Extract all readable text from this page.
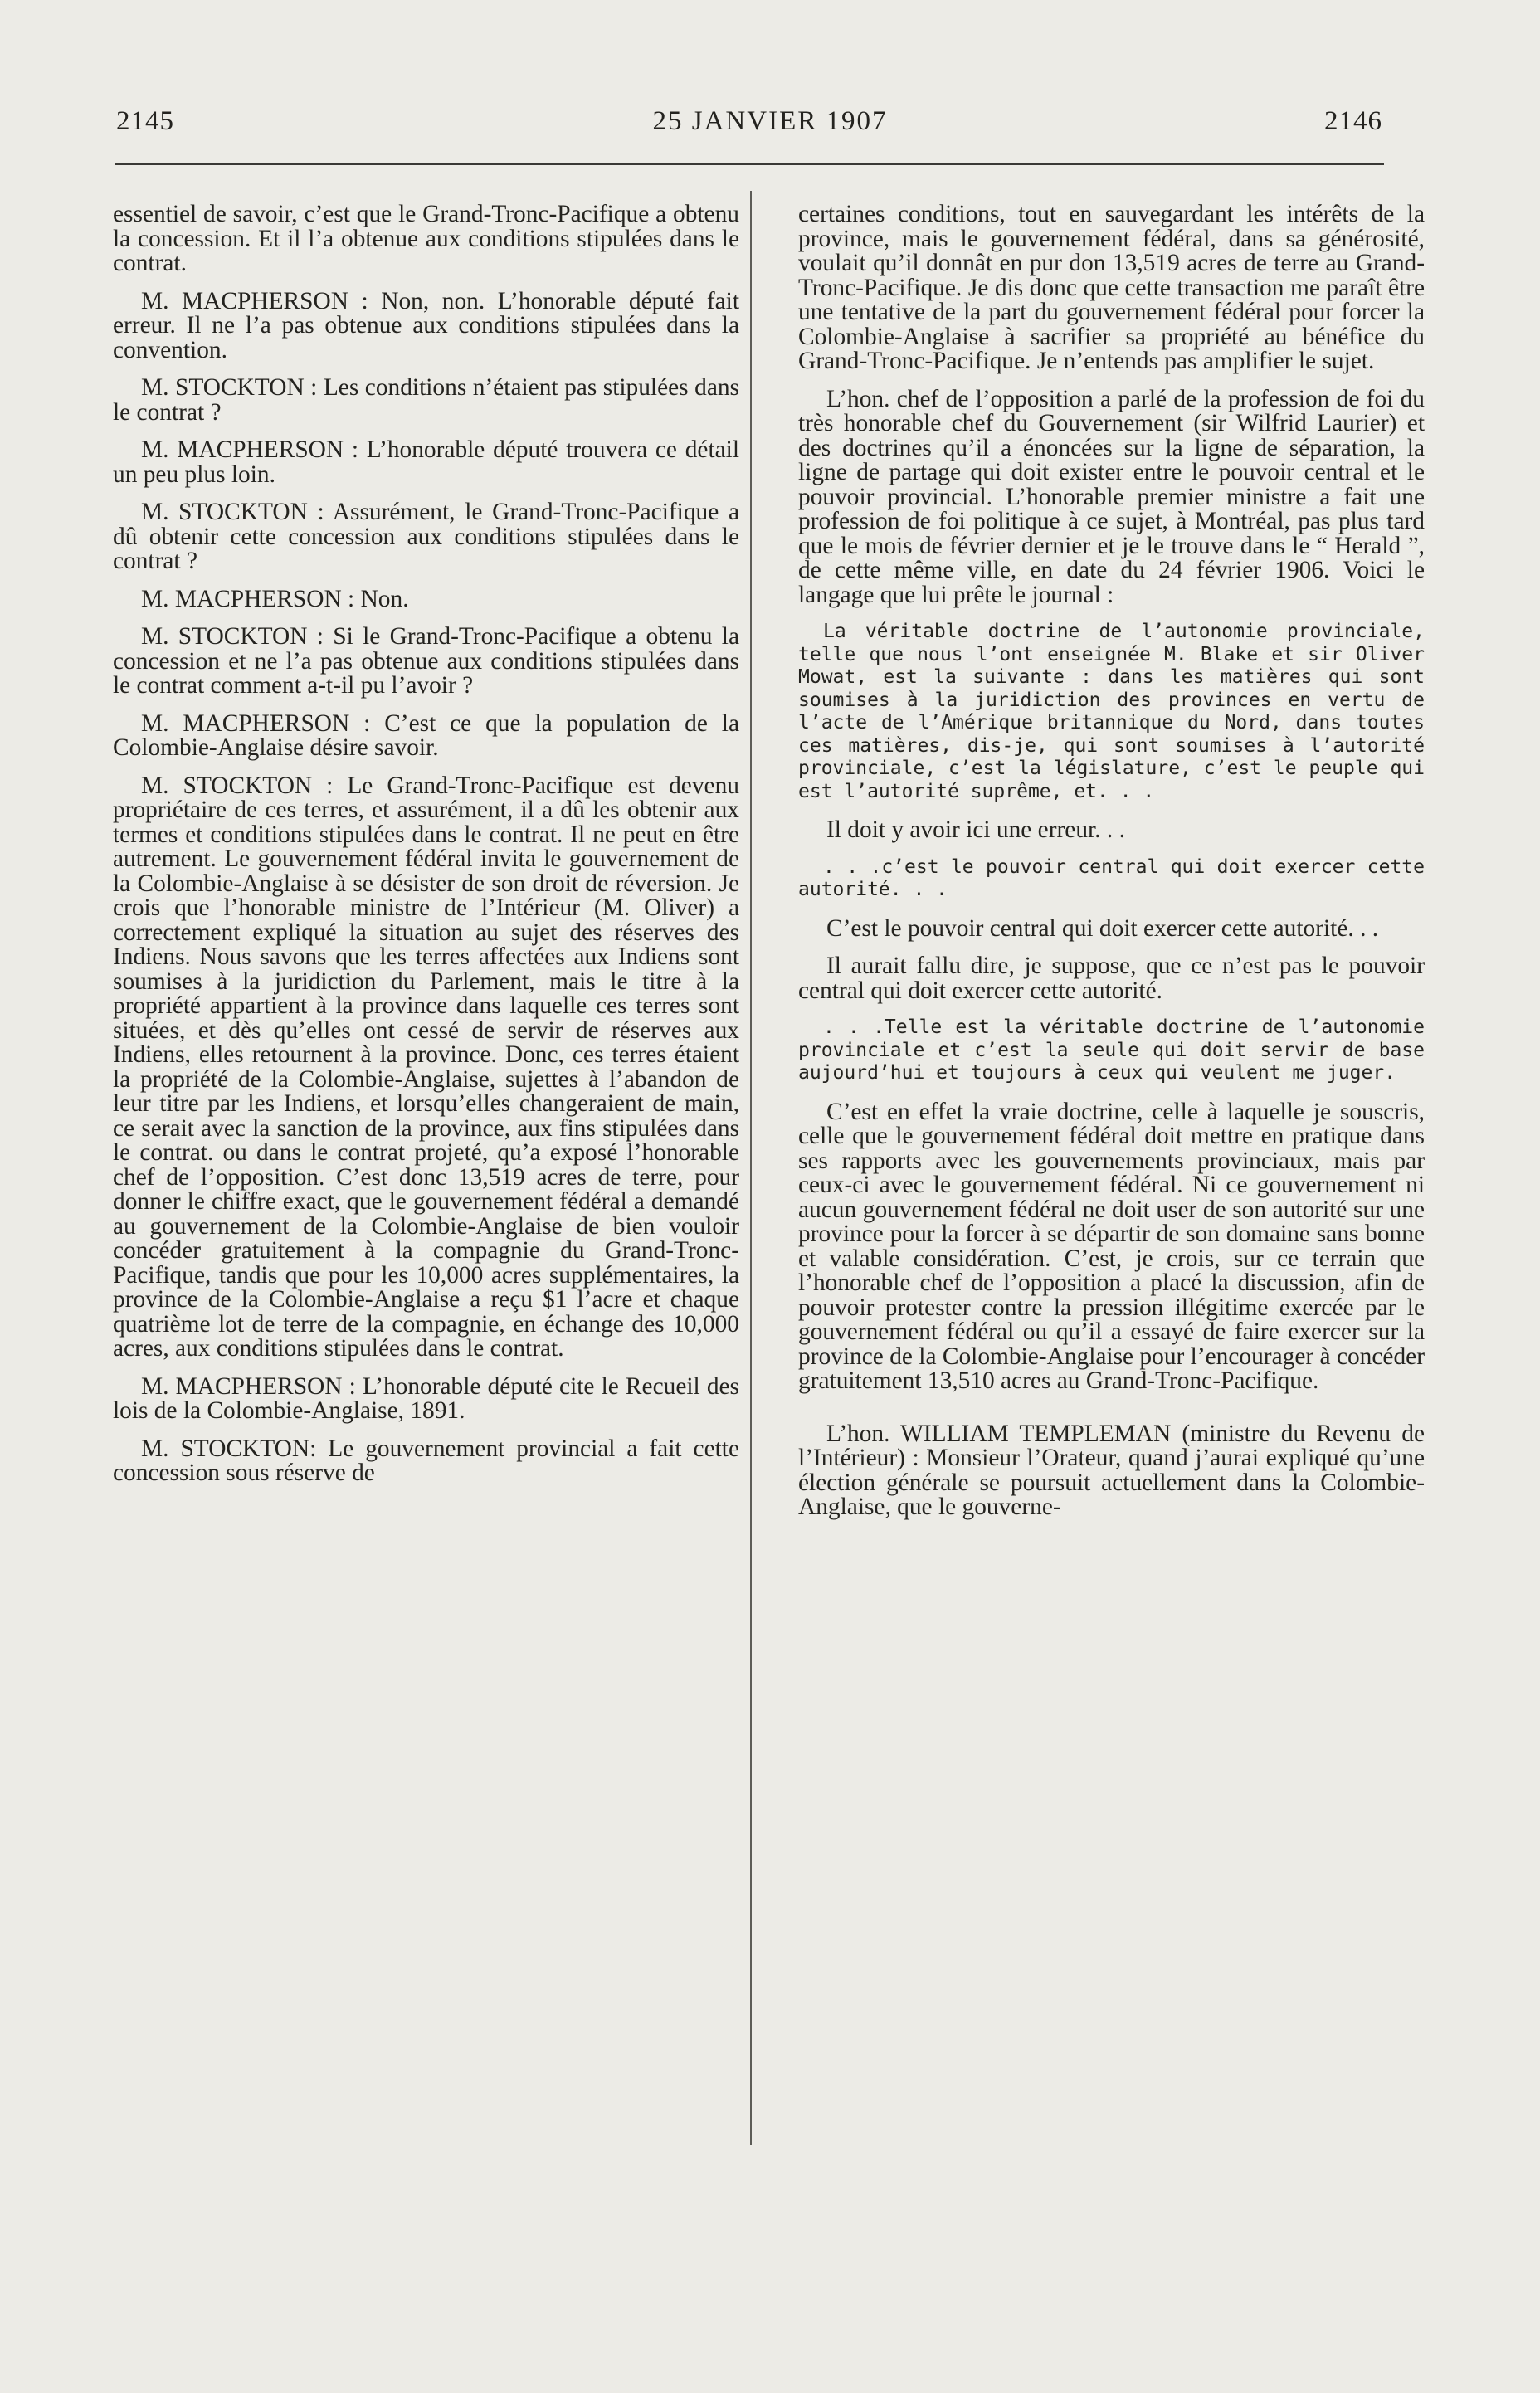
2145	25 JANVIER 1907	2146

essentiel de savoir, c’est que le Grand-Tronc-Pacifique a obtenu la concession. Et il l’a obtenue aux conditions stipulées dans le contrat.

M. MACPHERSON : Non, non. L’honorable député fait erreur. Il ne l’a pas obtenue aux conditions stipulées dans la convention.

M. STOCKTON : Les conditions n’étaient pas stipulées dans le contrat ?

M. MACPHERSON : L’honorable député trouvera ce détail un peu plus loin.

M. STOCKTON : Assurément, le Grand-Tronc-Pacifique a dû obtenir cette concession aux conditions stipulées dans le contrat ?

M. MACPHERSON : Non.

M. STOCKTON : Si le Grand-Tronc-Pacifique a obtenu la concession et ne l’a pas obtenue aux conditions stipulées dans le contrat comment a-t-il pu l’avoir ?

M. MACPHERSON : C’est ce que la population de la Colombie-Anglaise désire savoir.

M. STOCKTON : Le Grand-Tronc-Pacifique est devenu propriétaire de ces terres, et assurément, il a dû les obtenir aux termes et conditions stipulées dans le contrat. Il ne peut en être autrement. Le gouvernement fédéral invita le gouvernement de la Colombie-Anglaise à se désister de son droit de réversion. Je crois que l’honorable ministre de l’Intérieur (M. Oliver) a correctement expliqué la situation au sujet des réserves des Indiens. Nous savons que les terres affectées aux Indiens sont soumises à la juridiction du Parlement, mais le titre à la propriété appartient à la province dans laquelle ces terres sont situées, et dès qu’elles ont cessé de servir de réserves aux Indiens, elles retournent à la province. Donc, ces terres étaient la propriété de la Colombie-Anglaise, sujettes à l’abandon de leur titre par les Indiens, et lorsqu’elles changeraient de main, ce serait avec la sanction de la province, aux fins stipulées dans le contrat. ou dans le contrat projeté, qu’a exposé l’honorable chef de l’opposition. C’est donc 13,519 acres de terre, pour donner le chiffre exact, que le gouvernement fédéral a demandé au gouvernement de la Colombie-Anglaise de bien vouloir concéder gratuitement à la compagnie du Grand-Tronc-Pacifique, tandis que pour les 10,000 acres supplémentaires, la province de la Colombie-Anglaise a reçu $1 l’acre et chaque quatrième lot de terre de la compagnie, en échange des 10,000 acres, aux conditions stipulées dans le contrat.

M. MACPHERSON : L’honorable député cite le Recueil des lois de la Colombie-Anglaise, 1891.

M. STOCKTON: Le gouvernement provincial a fait cette concession sous réserve de

certaines conditions, tout en sauvegardant les intérêts de la province, mais le gouvernement fédéral, dans sa générosité, voulait qu’il donnât en pur don 13,519 acres de terre au Grand-Tronc-Pacifique. Je dis donc que cette transaction me paraît être une tentative de la part du gouvernement fédéral pour forcer la Colombie-Anglaise à sacrifier sa propriété au bénéfice du Grand-Tronc-Pacifique. Je n’entends pas amplifier le sujet.

L’hon. chef de l’opposition a parlé de la profession de foi du très honorable chef du Gouvernement (sir Wilfrid Laurier) et des doctrines qu’il a énoncées sur la ligne de séparation, la ligne de partage qui doit exister entre le pouvoir central et le pouvoir provincial. L’honorable premier ministre a fait une profession de foi politique à ce sujet, à Montréal, pas plus tard que le mois de février dernier et je le trouve dans le “ Herald ”, de cette même ville, en date du 24 février 1906. Voici le langage que lui prête le journal :

La véritable doctrine de l’autonomie provinciale, telle que nous l’ont enseignée M. Blake et sir Oliver Mowat, est la suivante : dans les matières qui sont soumises à la juridiction des provinces en vertu de l’acte de l’Amérique britannique du Nord, dans toutes ces matières, dis-je, qui sont soumises à l’autorité provinciale, c’est la législature, c’est le peuple qui est l’autorité suprême, et. . .

Il doit y avoir ici une erreur. . .

. . .c’est le pouvoir central qui doit exercer cette autorité. . .

C’est le pouvoir central qui doit exercer cette autorité. . .

Il aurait fallu dire, je suppose, que ce n’est pas le pouvoir central qui doit exercer cette autorité.

. . .Telle est la véritable doctrine de l’autonomie provinciale et c’est la seule qui doit servir de base aujourd’hui et toujours à ceux qui veulent me juger.

C’est en effet la vraie doctrine, celle à laquelle je souscris, celle que le gouvernement fédéral doit mettre en pratique dans ses rapports avec les gouvernements provinciaux, mais par ceux-ci avec le gouvernement fédéral. Ni ce gouvernement ni aucun gouvernement fédéral ne doit user de son autorité sur une province pour la forcer à se départir de son domaine sans bonne et valable considération. C’est, je crois, sur ce terrain que l’honorable chef de l’opposition a placé la discussion, afin de pouvoir protester contre la pression illégitime exercée par le gouvernement fédéral ou qu’il a essayé de faire exercer sur la province de la Colombie-Anglaise pour l’encourager à concéder gratuitement 13,510 acres au Grand-Tronc-Pacifique.

L’hon. WILLIAM TEMPLEMAN (ministre du Revenu de l’Intérieur) : Monsieur l’Orateur, quand j’aurai expliqué qu’une élection générale se poursuit actuellement dans la Colombie-Anglaise, que le gouverne-
